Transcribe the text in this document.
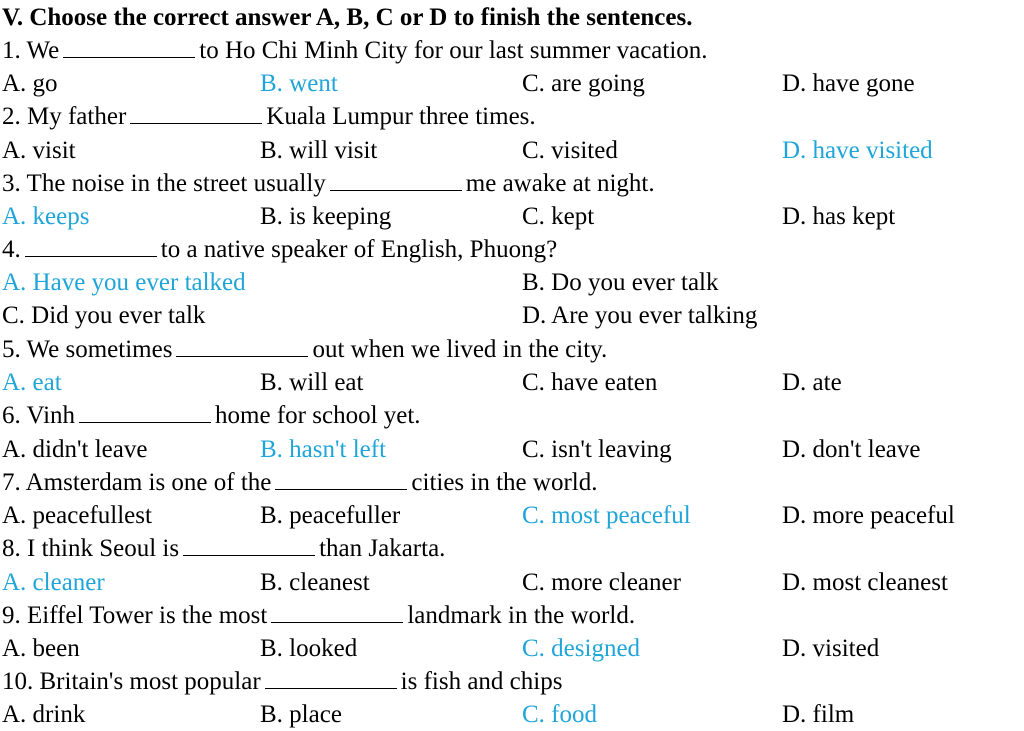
V. Choose the correct answer A, B, C or D to finish the sentences.
1. We	to Ho Chi Minh City for our last summer vacation.
A. go	B. went	C. are going	D. have gone
2. My father	Kuala Lumpur three times.
A. visit	B. will visit	C. visited	D. have visited
3. The noise in the street usually	me awake at night.
A. keeps	B. is keeping	C. kept	D. has kept
4.	to a native speaker of English, Phuong?
A. Have you ever talked	B. Do you ever talk
C. Did you ever talk	D. Are you ever talking
5. We sometimes	out when we lived in the city.
A. eat	B. will eat	C. have eaten	D. ate
6. Vinh	home for school yet.
A. didn't leave	B. hasn't left	C. isn't leaving	D. don't leave
7. Amsterdam is one of the	cities in the world.
A. peacefullest	B. peacefuller	C. most peaceful	D. more peaceful
8. I think Seoul is	than Jakarta.
A. cleaner	B. cleanest	C. more cleaner	D. most cleanest
9. Eiffel Tower is the most	landmark in the world.
A. been	B. looked	C. designed	D. visited
10. Britain's most popular	is fish and chips
A. drink	B. place	C. food	D. film
